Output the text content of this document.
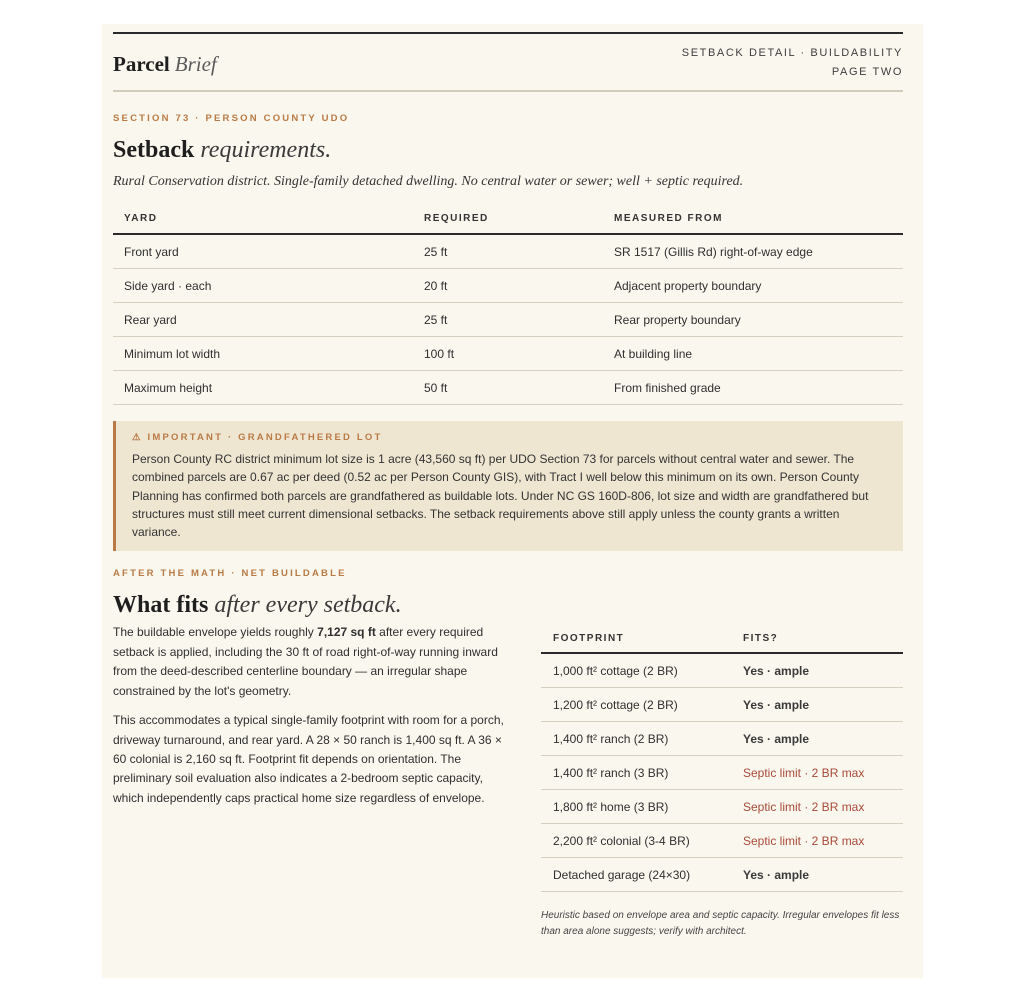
Parcel Brief	SETBACK DETAIL · BUILDABILITY
PAGE TWO
SECTION 73 · PERSON COUNTY UDO
Setback requirements.
Rural Conservation district. Single-family detached dwelling. No central water or sewer; well + septic required.
YARD	REQUIRED	MEASURED FROM
Front yard	25 ft	SR 1517 (Gillis Rd) right-of-way edge
Side yard · each	20 ft	Adjacent property boundary
Rear yard	25 ft	Rear property boundary
Minimum lot width	100 ft	At building line
Maximum height	50 ft	From finished grade
⚠ IMPORTANT · GRANDFATHERED LOT

Person County RC district minimum lot size is 1 acre (43,560 sq ft) per UDO Section 73 for parcels without central water and sewer. The combined parcels are 0.67 ac per deed (0.52 ac per Person County GIS), with Tract I well below this minimum on its own. Person County Planning has confirmed both parcels are grandfathered as buildable lots. Under NC GS 160D-806, lot size and width are grandfathered but structures must still meet current dimensional setbacks. The setback requirements above still apply unless the county grants a written variance.

AFTER THE MATH · NET BUILDABLE
What fits after every setback.

The buildable envelope yields roughly 7,127 sq ft after every required setback is applied, including the 30 ft of road right-of-way running inward from the deed-described centerline boundary — an irregular shape constrained by the lot's geometry.

This accommodates a typical single-family footprint with room for a porch, driveway turnaround, and rear yard. A 28 × 50 ranch is 1,400 sq ft. A 36 × 60 colonial is 2,160 sq ft. Footprint fit depends on orientation. The preliminary soil evaluation also indicates a 2-bedroom septic capacity, which independently caps practical home size regardless of envelope.

FOOTPRINT	FITS?
1,000 ft² cottage (2 BR)	Yes · ample
1,200 ft² cottage (2 BR)	Yes · ample
1,400 ft² ranch (2 BR)	Yes · ample
1,400 ft² ranch (3 BR)	Septic limit · 2 BR max
1,800 ft² home (3 BR)	Septic limit · 2 BR max
2,200 ft² colonial (3-4 BR)	Septic limit · 2 BR max
Detached garage (24×30)	Yes · ample
Heuristic based on envelope area and septic capacity. Irregular envelopes fit less than area alone suggests; verify with architect.
